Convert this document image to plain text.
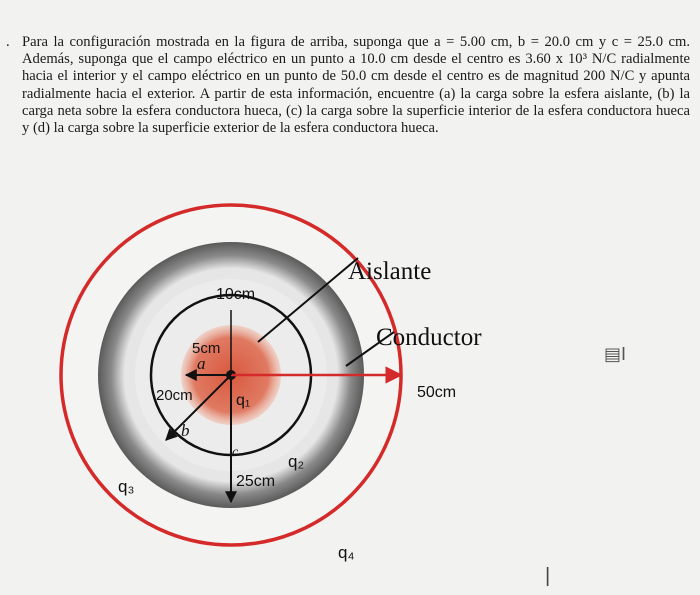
. Para la configuración mostrada en la figura de arriba, suponga que a = 5.00 cm, b = 20.0 cm y c = 25.0 cm. Además, suponga que el campo eléctrico en un punto a 10.0 cm desde el centro es 3.60 x 10³ N/C radialmente hacia el interior y el campo eléctrico en un punto de 50.0 cm desde el centro es de magnitud 200 N/C y apunta radialmente hacia el exterior. A partir de esta información, encuentre (a) la carga sobre la esfera aislante, (b) la carga neta sobre la esfera conductora hueca, (c) la carga sobre la superficie interior de la esfera conductora hueca y (d) la carga sobre la superficie exterior de la esfera conductora hueca.
Aislante
Conductor
10cm
5cm
a
20cm	q₁
b
c	q₂
25cm
50cm
q₃
q₄
▤I
|
